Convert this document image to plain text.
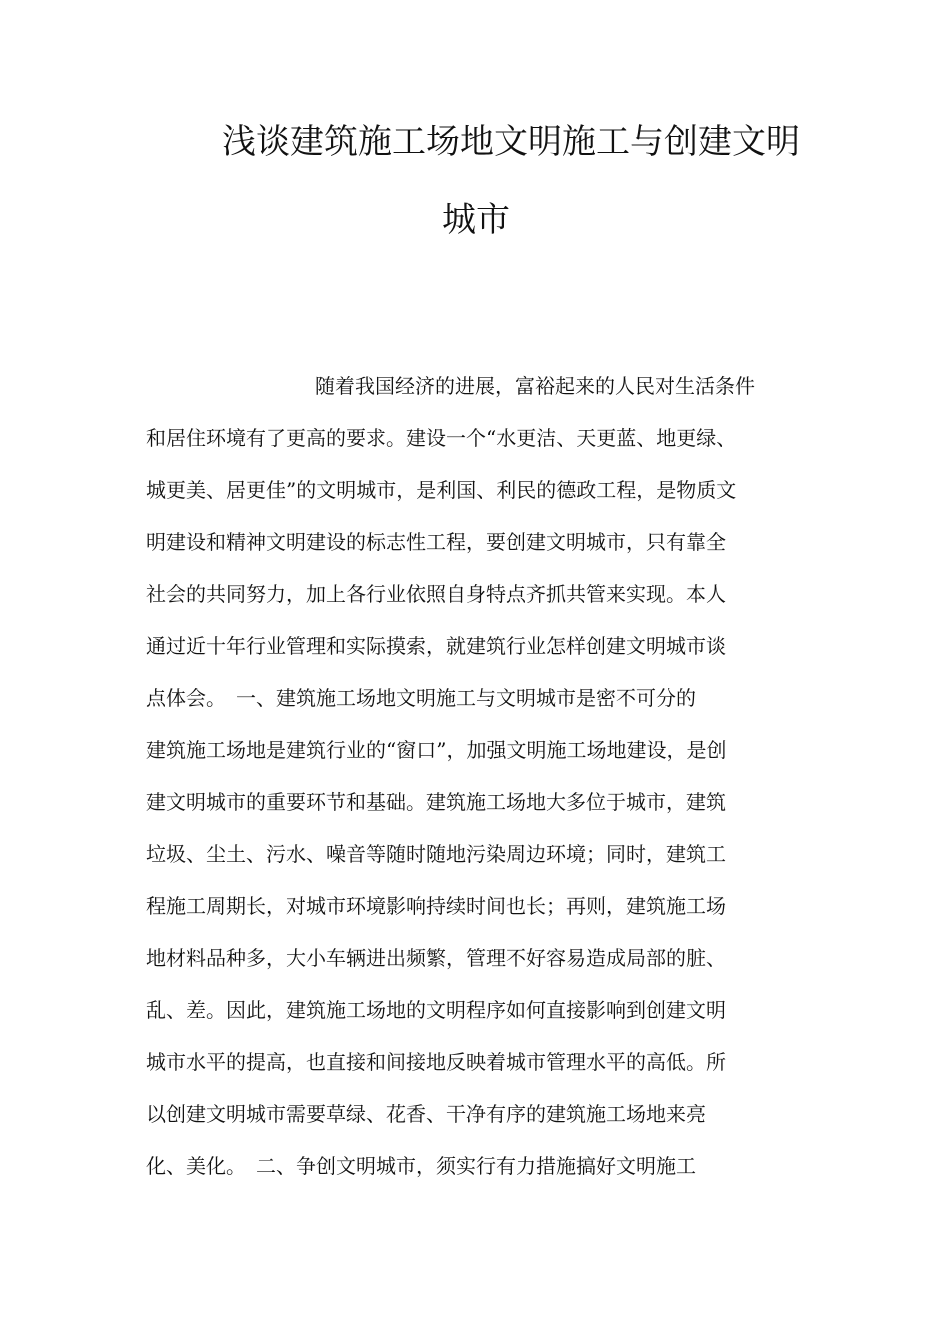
浅谈建筑施工场地文明施工与创建文明
城市
随着我国经济的进展，富裕起来的人民对生活条件
和居住环境有了更高的要求。建设一个“水更洁、天更蓝、地更绿、
城更美、居更佳”的文明城市，是利国、利民的德政工程，是物质文
明建设和精神文明建设的标志性工程，要创建文明城市，只有靠全
社会的共同努力，加上各行业依照自身特点齐抓共管来实现。本人
通过近十年行业管理和实际摸索，就建筑行业怎样创建文明城市谈
点体会。　一、建筑施工场地文明施工与文明城市是密不可分的
建筑施工场地是建筑行业的“窗口”，加强文明施工场地建设，是创
建文明城市的重要环节和基础。建筑施工场地大多位于城市，建筑
垃圾、尘土、污水、噪音等随时随地污染周边环境；同时，建筑工
程施工周期长，对城市环境影响持续时间也长；再则，建筑施工场
地材料品种多，大小车辆进出频繁，管理不好容易造成局部的脏、
乱、差。因此，建筑施工场地的文明程序如何直接影响到创建文明
城市水平的提高，也直接和间接地反映着城市管理水平的高低。所
以创建文明城市需要草绿、花香、干净有序的建筑施工场地来亮
化、美化。　二、争创文明城市，须实行有力措施搞好文明施工
